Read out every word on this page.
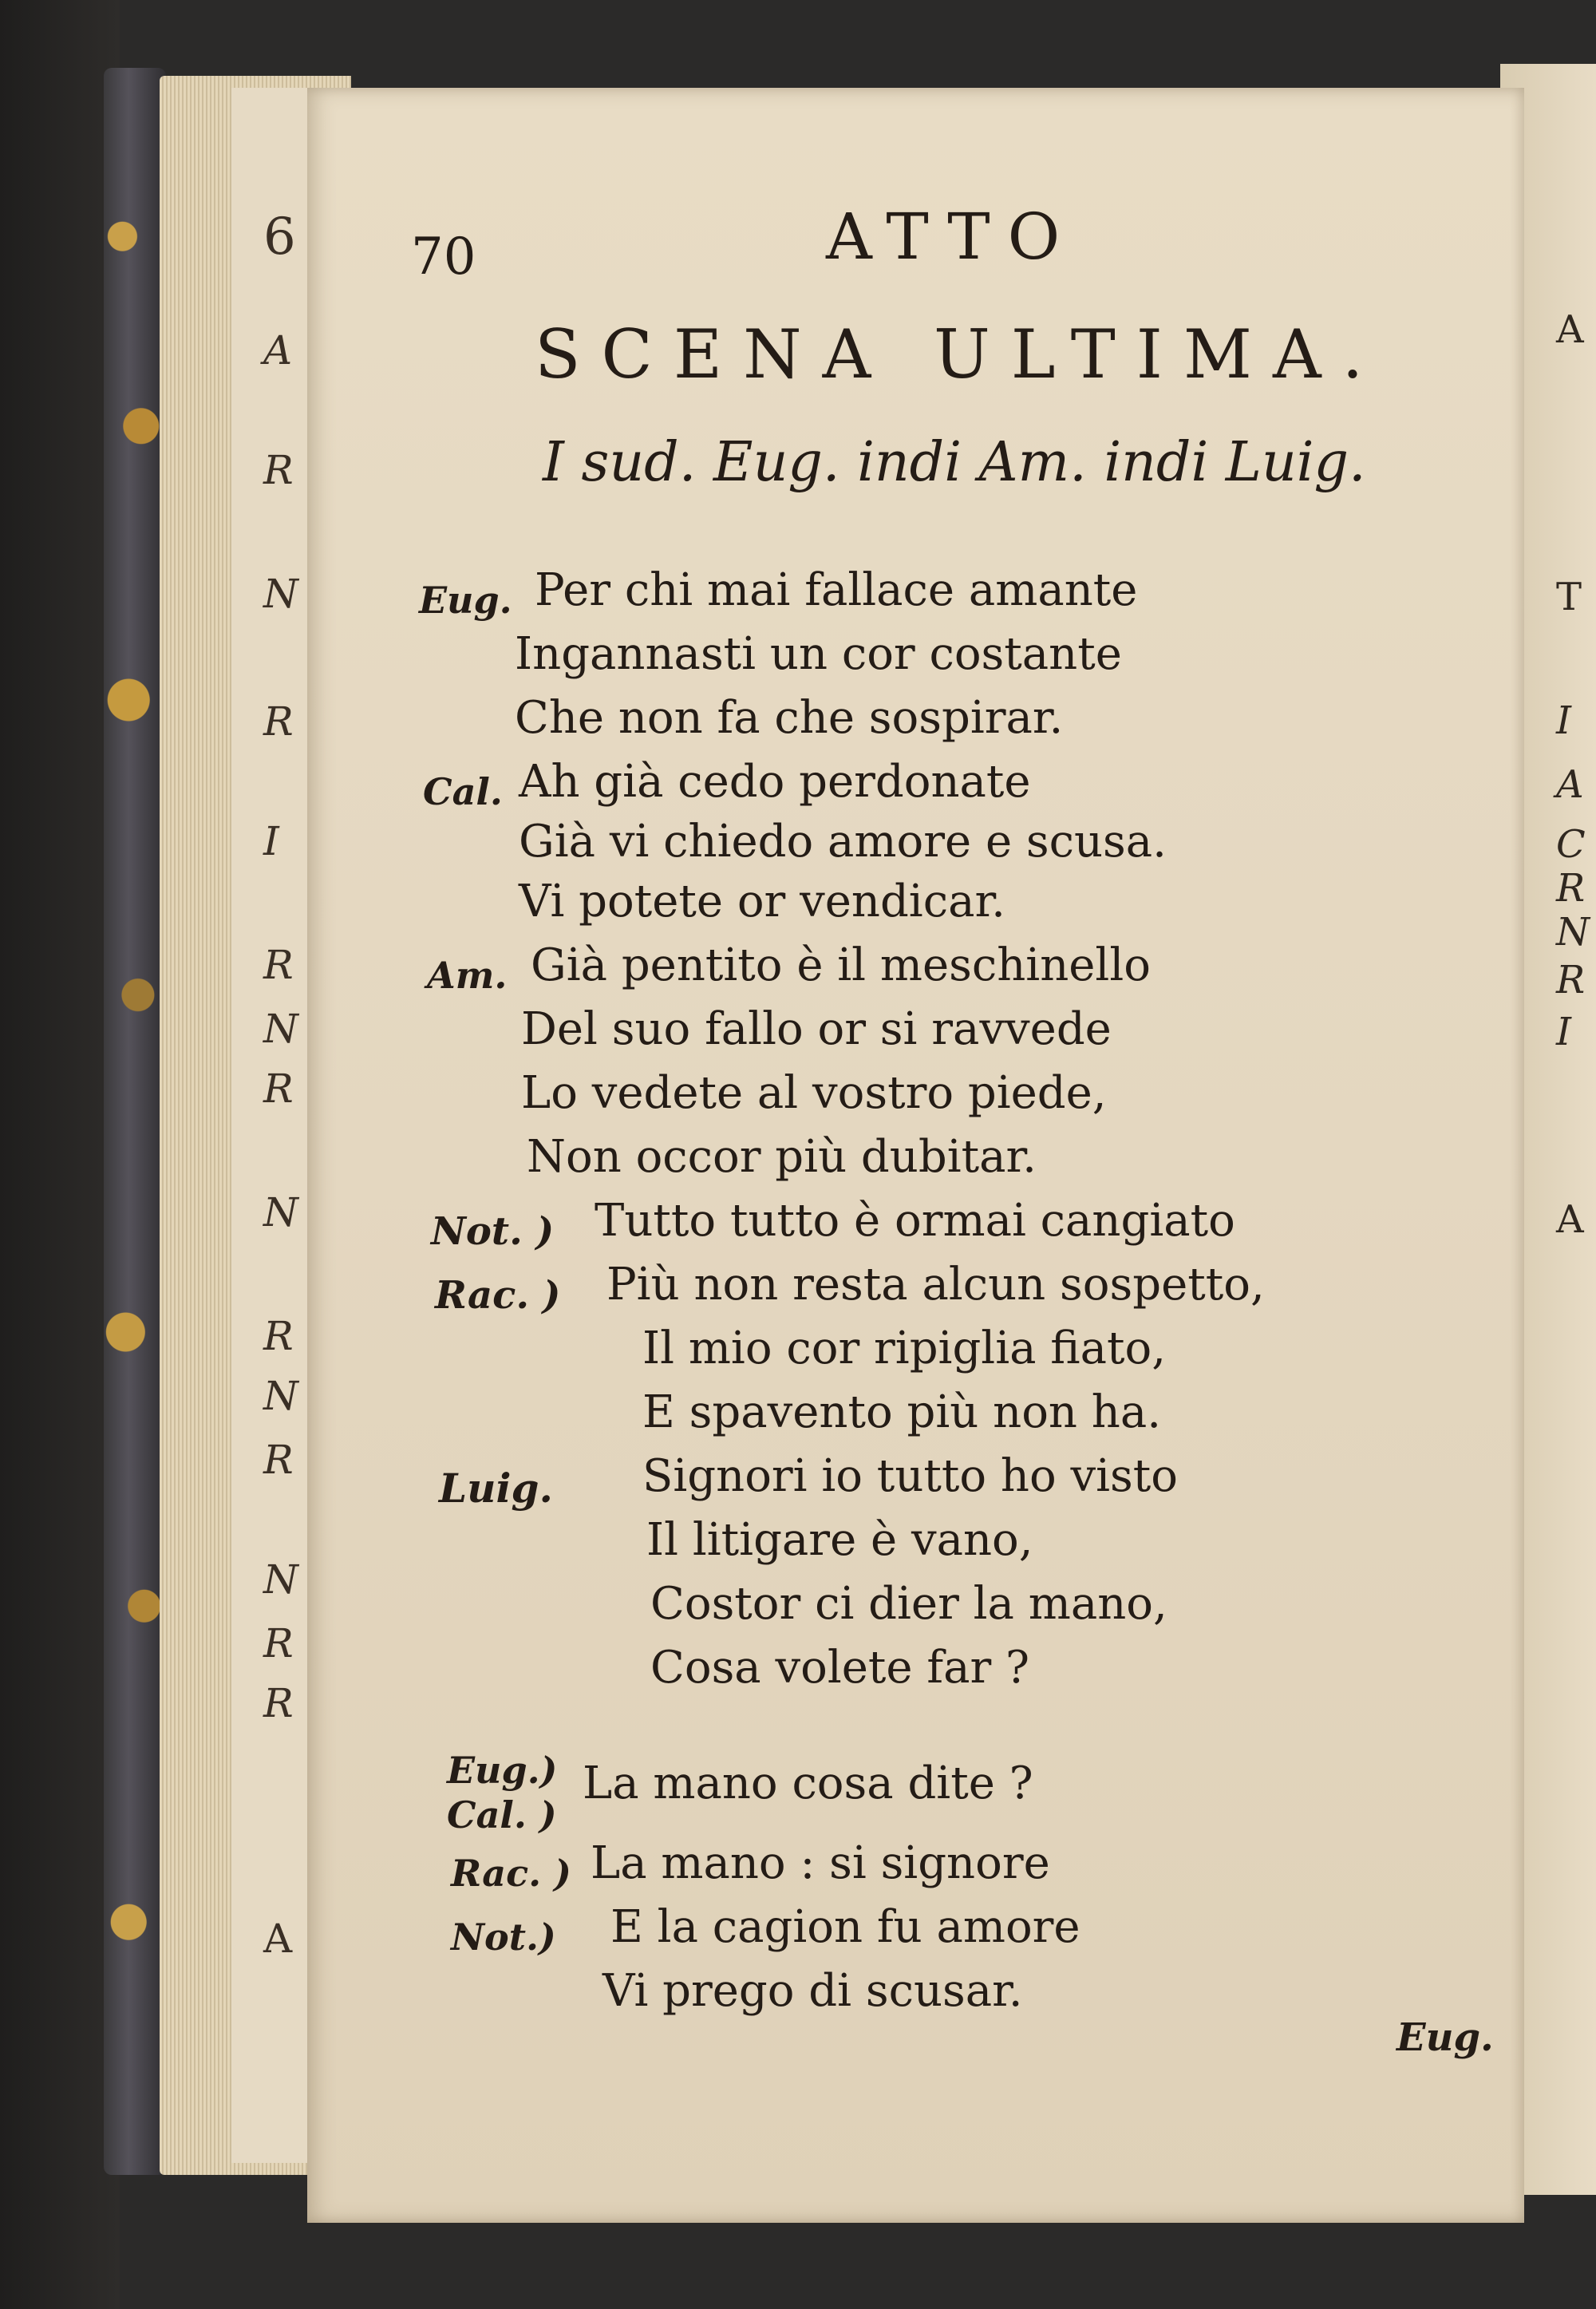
6
A
R
N
R
I
R
N
R
N
R
N
R
N
R
R
A
A
T
I
A
C
R
N
R
I
A
70	ATTO
SCENA ULTIMA.
I sud. Eug. indi Am. indi Luig.
Eug. Per chi mai fallace amante
Ingannasti un cor costante
Che non fa che sospirar.
Cal. Ah già cedo perdonate
Già vi chiedo amore e scusa.
Vi potete or vendicar.
Am. Già pentito è il meschinello
Del suo fallo or si ravvede
Lo vedete al vostro piede,
Non occor più dubitar.
Not. ) Tutto tutto è ormai cangiato
Rac. ) Più non resta alcun sospetto,
Il mio cor ripiglia fiato,
E spavento più non ha.
Luig. Signori io tutto ho visto
Il litigare è vano,
Costor ci dier la mano,
Cosa volete far ?
Eug.) Cal. )
La mano cosa dite ?
Rac. ) La mano : si signore
Not.) E la cagion fu amore
Vi prego di scusar.
Eug.
